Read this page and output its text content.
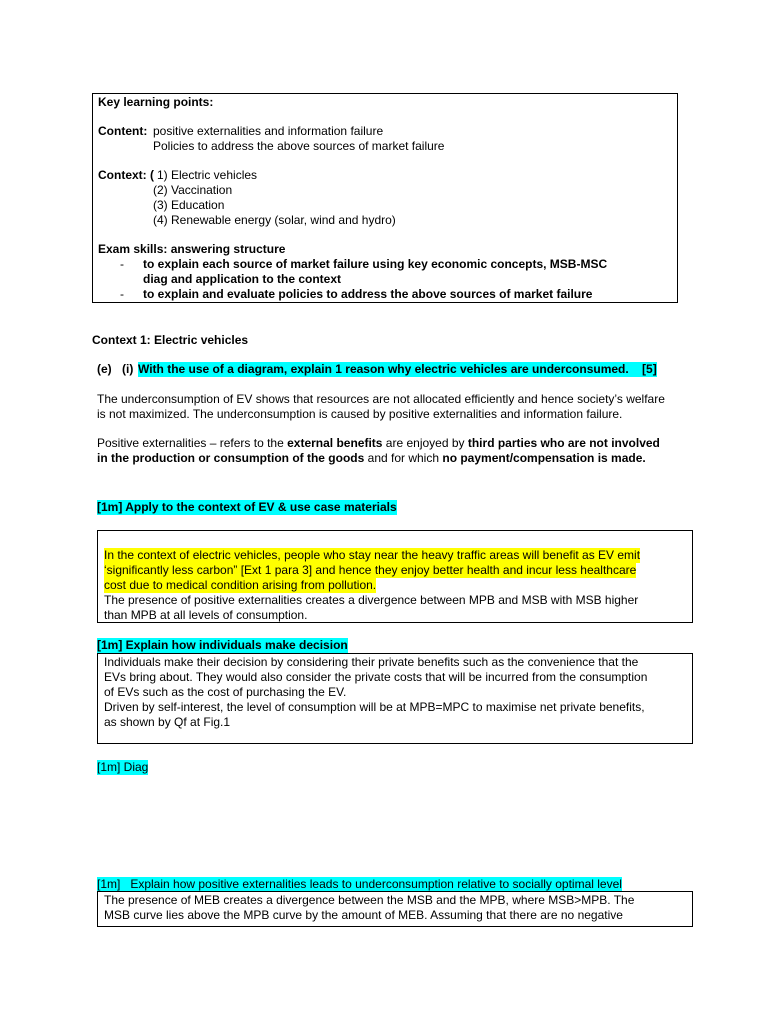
Key learning points:
Content: positive externalities and information failure
Policies to address the above sources of market failure
Context: ( 1) Electric vehicles
(2) Vaccination
(3) Education
(4) Renewable energy (solar, wind and hydro)
Exam skills: answering structure
- to explain each source of market failure using key economic concepts, MSB-MSC
diag and application to the context
- to explain and evaluate policies to address the above sources of market failure
Context 1: Electric vehicles
(e) (i) With the use of a diagram, explain 1 reason why electric vehicles are underconsumed.    [5]
The underconsumption of EV shows that resources are not allocated efficiently and hence society’s welfare
is not maximized. The underconsumption is caused by positive externalities and information failure.
Positive externalities – refers to the external benefits are enjoyed by third parties who are not involved
in the production or consumption of the goods and for which no payment/compensation is made.
[1m] Apply to the context of EV & use case materials
In the context of electric vehicles, people who stay near the heavy traffic areas will benefit as EV emit
‘significantly less carbon” [Ext 1 para 3] and hence they enjoy better health and incur less healthcare
cost due to medical condition arising from pollution.
The presence of positive externalities creates a divergence between MPB and MSB with MSB higher
than MPB at all levels of consumption.
[1m] Explain how individuals make decision
Individuals make their decision by considering their private benefits such as the convenience that the
EVs bring about. They would also consider the private costs that will be incurred from the consumption
of EVs such as the cost of purchasing the EV.
Driven by self-interest, the level of consumption will be at MPB=MPC to maximise net private benefits,
as shown by Qf at Fig.1
[1m] Diag
[1m]   Explain how positive externalities leads to underconsumption relative to socially optimal level
The presence of MEB creates a divergence between the MSB and the MPB, where MSB>MPB. The
MSB curve lies above the MPB curve by the amount of MEB. Assuming that there are no negative
